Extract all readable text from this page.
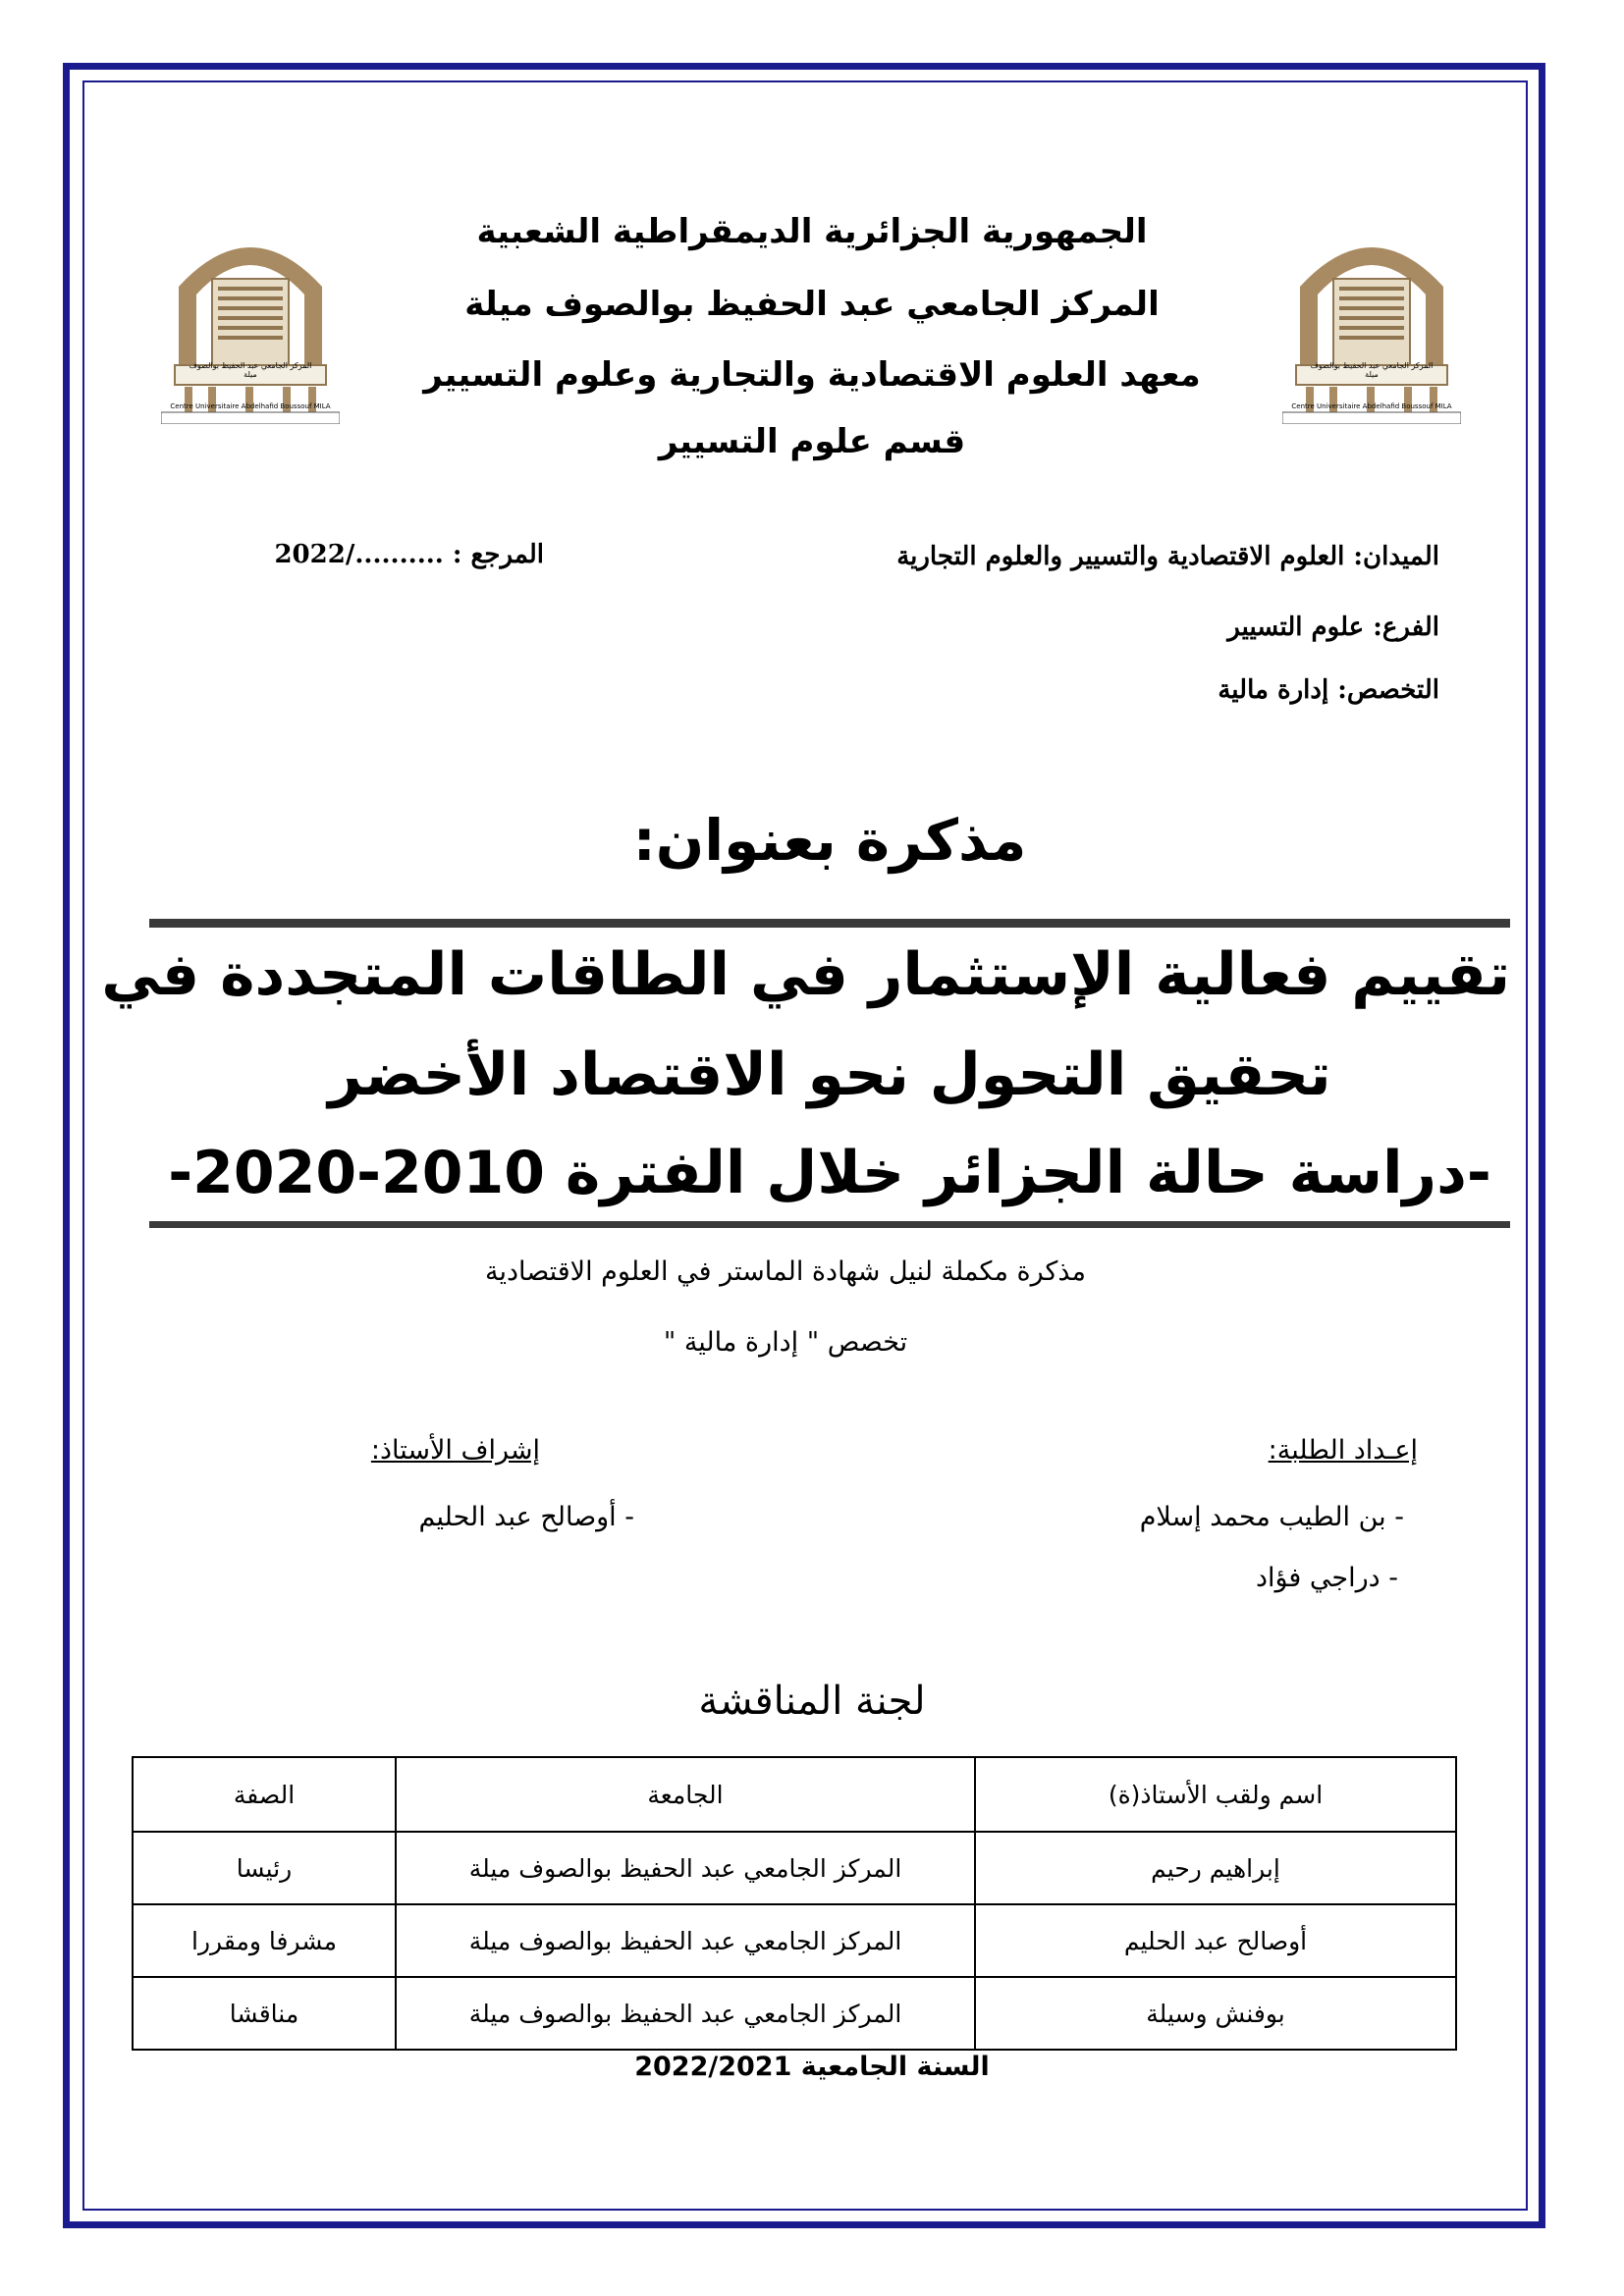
Centre Universitaire Abdelhafid Boussouf MILA
المركز الجامعي عبد الحفيظ بوالصوف ميلة
Centre Universitaire Abdelhafid Boussouf MILA
المركز الجامعي عبد الحفيظ بوالصوف ميلة
الجمهورية الجزائرية الديمقراطية الشعبية
المركز الجامعي عبد الحفيظ بوالصوف ميلة
معهد العلوم الاقتصادية والتجارية وعلوم التسيير
قسم علوم التسيير
الميدان: العلوم الاقتصادية والتسيير والعلوم التجارية
المرجع : ........../2022
الفرع: علوم التسيير
التخصص: إدارة مالية
مذكرة بعنوان:
تقييم فعالية الإستثمار في الطاقات المتجددة في
تحقيق التحول نحو الاقتصاد الأخضر
-دراسة حالة الجزائر خلال الفترة 2010-2020-
مذكرة مكملة لنيل شهادة الماستر في العلوم الاقتصادية
تخصص " إدارة مالية "
إعـداد الطلبة:
- بن الطيب محمد إسلام
- دراجي فؤاد
إشراف الأستاذ:
- أوصالح عبد الحليم
لجنة المناقشة
اسم ولقب الأستاذ(ة)	الجامعة	الصفة
إبراهيم رحيم	المركز الجامعي عبد الحفيظ بوالصوف ميلة	رئيسا
أوصالح عبد الحليم	المركز الجامعي عبد الحفيظ بوالصوف ميلة	مشرفا ومقررا
بوفنش وسيلة	المركز الجامعي عبد الحفيظ بوالصوف ميلة	مناقشا
السنة الجامعية 2022/2021
